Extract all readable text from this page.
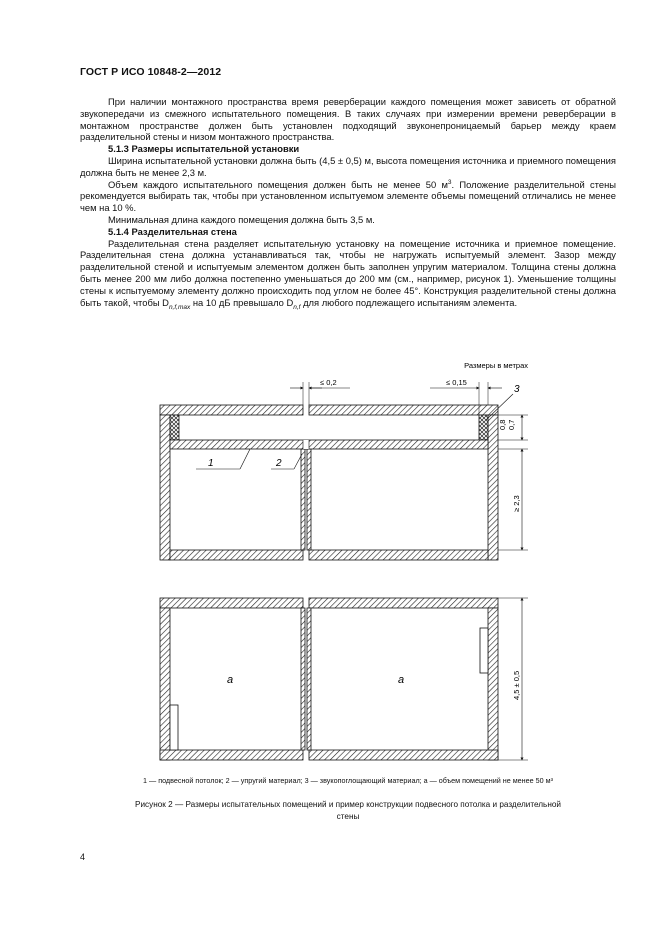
ГОСТ Р ИСО 10848-2—2012

При наличии монтажного пространства время реверберации каждого помещения может зависеть от обратной звукопередачи из смежного испытательного помещения. В таких случаях при измерении времени реверберации в монтажном пространстве должен быть установлен подходящий звуконепроницаемый барьер между краем разделительной стены и низом монтажного пространства.

5.1.3 Размеры испытательной установки

Ширина испытательной установки должна быть (4,5 ± 0,5) м, высота помещения источника и приемного помещения должна быть не менее 2,3 м.

Объем каждого испытательного помещения должен быть не менее 50 $м^3$. Положение разделительной стены рекомендуется выбирать так, чтобы при установленном испытуемом элементе объемы помещений отличались не менее чем на 10 %.

Минимальная длина каждого помещения должна быть 3,5 м.

5.1.4 Разделительная стена

Разделительная стена разделяет испытательную установку на помещение источника и приемное помещение. Разделительная стена должна устанавливаться так, чтобы не нагружать испытуемый элемент. Зазор между разделительной стеной и испытуемым элементом должен быть заполнен упругим материалом. Толщина стены должна быть менее 200 мм либо должна постепенно уменьшаться до 200 мм (см., например, рисунок 1). Уменьшение толщины стены к испытуемому элементу должно происходить под углом не более 45°. Конструкция разделительной стены должна быть такой, чтобы $D_{n,f,max}$ на 10 дБ превышало $D_{n,f}$ для любого подлежащего испытаниям элемента.

Размеры в метрах
≤ 0,2	≤ 0,15
3
1	2
0,8 0,7
≥ 2,3
a	a	4,5 ± 0,5
1 — подвесной потолок; 2 — упругий материал; 3 — звукопоглощающий материал; а — объем помещений не менее 50 м³
Рисунок 2 — Размеры испытательных помещений и пример конструкции подвесного потолка и разделительной
стены
4
